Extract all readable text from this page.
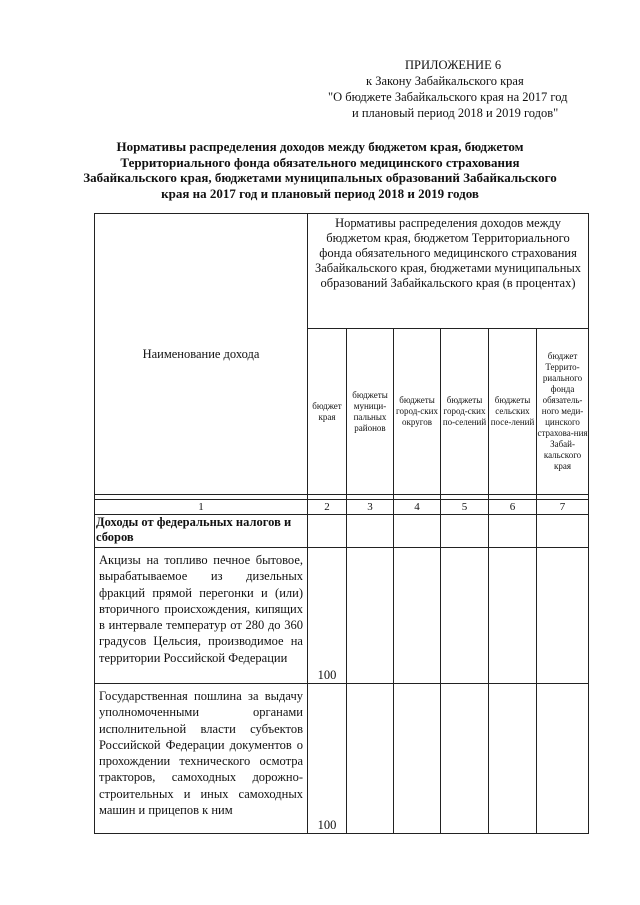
ПРИЛОЖЕНИЕ 6
к Закону Забайкальского края
"О бюджете Забайкальского края на 2017 год
и плановый период 2018 и 2019 годов"
Нормативы распределения доходов между бюджетом края, бюджетом Территориального фонда обязательного медицинского страхования Забайкальского края, бюджетами муниципальных образований Забайкальского края на 2017 год и плановый период 2018 и 2019 годов
Наименование дохода	Нормативы распределения доходов между бюджетом края, бюджетом Территориального фонда обязательного медицинского страхования Забайкальского края, бюджетами муниципальных образований Забайкальского края (в процентах)					
	бюджет края	бюджеты муници-пальных районов	бюджеты город-ских округов	бюджеты город-ских по-селений	бюджеты сельских посе-лений	бюджет Террито-риального фонда обязатель-ного меди-цинского страхова-ния Забай-кальского края

1	2	3	4	5	6	7
Доходы от федеральных налогов и сборов						
Акцизы на топливо печное бытовое, вырабатываемое из дизельных фракций прямой перегонки и (или) вторичного происхождения, кипящих в интервале температур от 280 до 360 градусов Цельсия, производимое на территории Российской Федерации	100					
Государственная пошлина за выдачу уполномоченными органами исполнительной власти субъектов Российской Федерации документов о прохождении технического осмотра тракторов, самоходных дорожно-строительных и иных самоходных машин и прицепов к ним	100					
